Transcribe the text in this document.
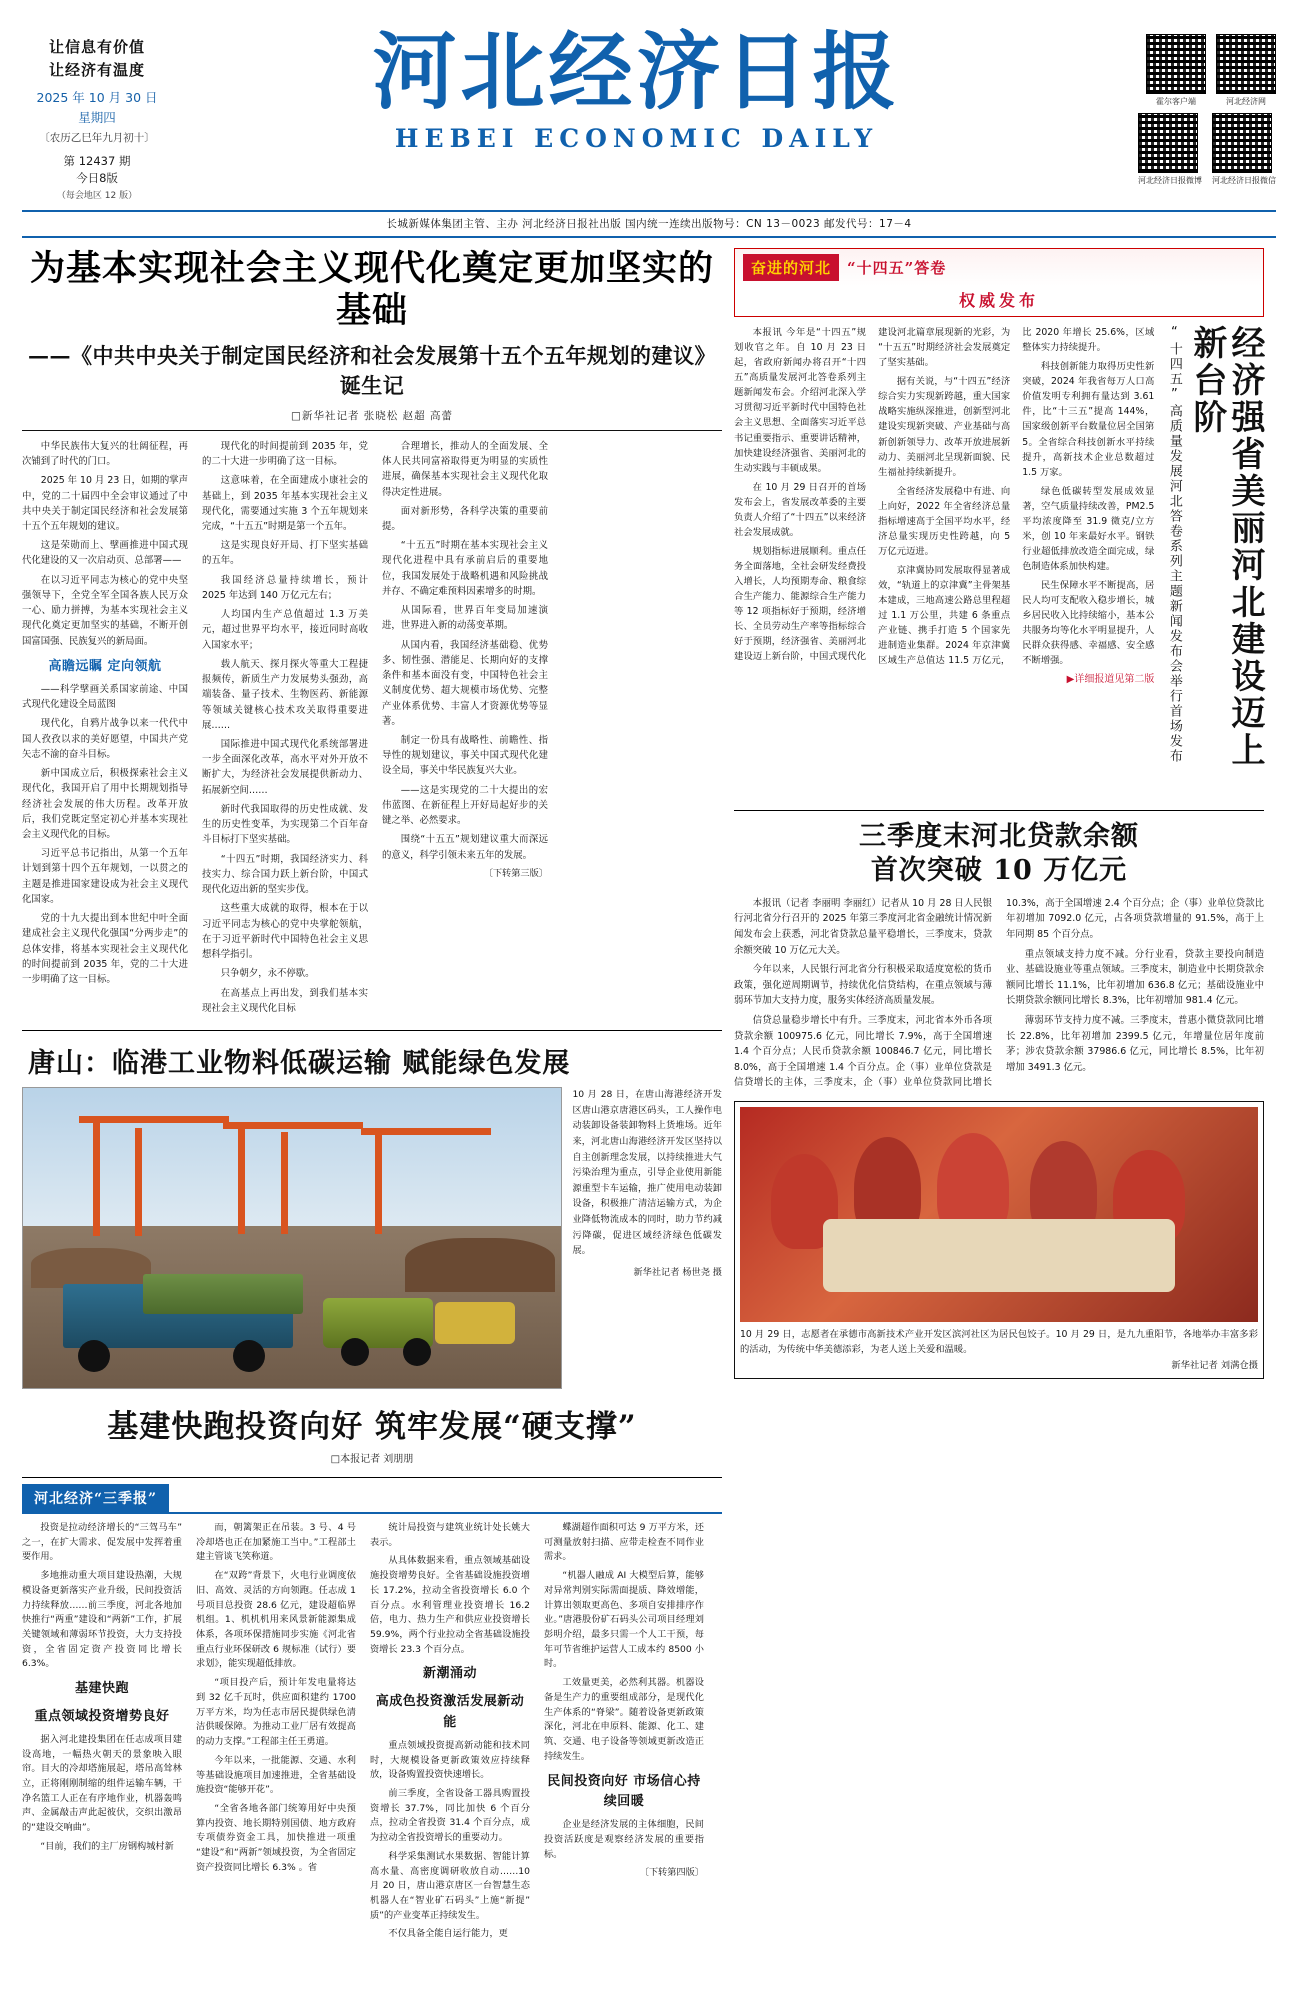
让信息有价值
让经济有温度
2025 年 10 月 30 日
星期四
〔农历乙巳年九月初十〕
第 12437 期
今日8版
（每会地区 12 版）
河北经济日报
HEBEI ECONOMIC DAILY
霍尔客户端	河北经济网
河北经济日报微博 河北经济日报微信
长城新媒体集团主管、主办 河北经济日报社出版 国内统一连续出版物号：CN 13－0023 邮发代号：17－4
为基本实现社会主义现代化奠定更加坚实的基础
——《中共中央关于制定国民经济和社会发展第十五个五年规划的建议》诞生记
□新华社记者 张晓松 赵超 高蕾

中华民族伟大复兴的壮阔征程，再次铺到了时代的门口。

2025 年 10 月 23 日，如期的掌声中，党的二十届四中全会审议通过了中共中央关于制定国民经济和社会发展第十五个五年规划的建议。

这是荣勋而上、擘画推进中国式现代化建设的又一次启动页、总部署——

在以习近平同志为核心的党中央坚强领导下，全党全军全国各族人民万众一心、励力拼搏，为基本实现社会主义现代化奠定更加坚实的基础，不断开创国富国强、民族复兴的新局面。

高瞻远瞩 定向领航

——科学擘画关系国家前途、中国式现代化建设全局蓝图

现代化，自鸦片战争以来一代代中国人孜孜以求的美好愿望，中国共产党矢志不渝的奋斗目标。

新中国成立后，积极探索社会主义现代化，我国开启了用中长期规划指导经济社会发展的伟大历程。改革开放后，我们党既定坚定初心并基本实现社会主义现代化的目标。

习近平总书记指出，从第一个五年计划到第十四个五年规划，一以贯之的主题是推进国家建设成为社会主义现代化国家。

党的十九大提出到本世纪中叶全面建成社会主义现代化强国“分两步走”的总体安排，将基本实现社会主义现代化的时间提前到 2035 年，党的二十大进一步明确了这一目标。

现代化的时间提前到 2035 年，党的二十大进一步明确了这一目标。

这意味着，在全面建成小康社会的基础上，到 2035 年基本实现社会主义现代化，需要通过实施 3 个五年规划来完成，“十五五”时期是第一个五年。

这是实现良好开局、打下坚实基础的五年。

我国经济总量持续增长，预计 2025 年达到 140 万亿元左右；

人均国内生产总值超过 1.3 万美元，超过世界平均水平，接近同时高收入国家水平；

载人航天、探月探火等重大工程捷报频传，新质生产力发展势头强劲，高端装备、量子技术、生物医药、新能源等领域关键核心技术攻关取得重要进展……

国际推进中国式现代化系统部署进一步全面深化改革，高水平对外开放不断扩大，为经济社会发展提供新动力、拓展新空间……

新时代我国取得的历史性成就、发生的历史性变革，为实现第二个百年奋斗目标打下坚实基础。

“十四五”时期，我国经济实力、科技实力、综合国力跃上新台阶，中国式现代化迈出新的坚实步伐。

这些重大成就的取得，根本在于以习近平同志为核心的党中央掌舵领航，在于习近平新时代中国特色社会主义思想科学指引。

只争朝夕，永不停歇。

在高基点上再出发，到我们基本实现社会主义现代化目标

合理增长，推动人的全面发展、全体人民共同富裕取得更为明显的实质性进展，确保基本实现社会主义现代化取得决定性进展。

面对新形势，各科学决策的重要前提。

“十五五”时期在基本实现社会主义现代化进程中具有承前启后的重要地位，我国发展处于战略机遇和风险挑战并存、不确定难预料因素增多的时期。

从国际看，世界百年变局加速演进，世界进入新的动荡变革期。

从国内看，我国经济基础稳、优势多、韧性强、潜能足、长期向好的支撑条件和基本面没有变，中国特色社会主义制度优势、超大规模市场优势、完整产业体系优势、丰富人才资源优势等显著。

制定一份具有战略性、前瞻性、指导性的规划建议，事关中国式现代化建设全局，事关中华民族复兴大业。

——这是实现党的二十大提出的宏伟蓝图、在新征程上开好局起好步的关键之举、必然要求。

围绕“十五五”规划建议重大而深远的意义，科学引领未来五年的发展。

〔下转第三版〕
唐山：临港工业物料低碳运输 赋能绿色发展
10 月 28 日，在唐山海港经济开发区唐山港京唐港区码头，工人操作电动装卸设备装卸物料上货堆场。近年来，河北唐山海港经济开发区坚持以自主创新理念发展，以持续推进大气污染治理为重点，引导企业使用新能源重型卡车运输，推广使用电动装卸设备，积极推广清洁运输方式，为企业降低物流成本的同时，助力节约减污降碳，促进区域经济绿色低碳发展。
新华社记者 杨世尧 摄
基建快跑投资向好 筑牢发展“硬支撑”
□本报记者 刘朋朋
河北经济“三季报”

投资是拉动经济增长的“三驾马车”之一，在扩大需求、促发展中发挥着重要作用。

多地推动重大项目建设热潮，大规模设备更新落实产业升级，民间投资活力持续释放……前三季度，河北各地加快推行“两重”建设和“两新”工作，扩展关键领域和薄弱环节投资，大力支持投资，全省固定资产投资同比增长 6.3%。

基建快跑
重点领域投资增势良好

据入河北建投集团在任志成项目建设高地，一幅热火朝天的景象映入眼帘。目大的冷却塔施展起，塔吊高耸林立，正将刚刚制缩的组件运输车辆，干净名篮工人正在有序地作业，机器轰鸣声、金属敲击声此起彼伏，交织出激昂的“建设交响曲”。

“目前，我们的主厂房钢构城村新

而，朝篱架正在吊装。3 号、4 号冷却塔也正在加紧施工当中。”工程部土建主管谈飞笑称道。

在“双跨”背景下，火电行业调度依旧、高效、灵活的方向领跑。任志成 1 号项目总投资 28.6 亿元，建设超临界机组。1、机机机用来风景新能源集成体系，各项环保措施同步实施《河北省重点行业环保研改 6 规标准（试行）要求划》，能实现超低排放。

“项目投产后，预计年发电量将达到 32 亿千瓦时，供应面积建约 1700 万平方米，均为任志市居民提供绿色清洁供暖保障。为推动工业厂居有效提高的动力支撑。”工程部主任王勇道。

今年以来，一批能源、交通、水利等基础设施项目加速推进，全省基础设施投资“能够开花”。

“全省各地各部门统筹用好中央预算内投资、地长期特别国债、地方政府专项债券资金工具，加快推进一项重“建设”和“两新”领域投资，为全省固定资产投资同比增长 6.3% 。省

统计局投资与建筑业统计处长姚大表示。

从具体数据来看，重点领域基础设施投资增势良好。全省基础设施投资增长 17.2%，拉动全省投资增长 6.0 个百分点。水利管理业投资增长 16.2 倍，电力、热力生产和供应业投资增长 59.9%，两个行业拉动全省基础设施投资增长 23.3 个百分点。

新潮涌动
高成色投资激活发展新动能

重点领域投资提高新动能和技术同时，大规模设备更新政策效应持续释放，设备购置投资快速增长。

前三季度，全省设备工器具购置投资增长 37.7%，同比加快 6 个百分点，拉动全省投资 31.4 个百分点，成为拉动全省投资增长的重要动力。

科学采集测试水果数据、智能计算高水量、高密度调研收放自动……10 月 20 日，唐山港京唐区一台智慧生态机器人在“智业矿石码头”上施“新提”质”的产业变革正持续发生。

不仅具备全能自运行能力，更

蝶湖超作面积可达 9 万平方米，还可测量放射扫描、应带走检查不同作业需求。

“机器人融成 AI 大模型后算，能够对异常判别实际需面提质、降效增能，计算出领取更高色、多项自安排排序作业。”唐港股份矿石码头公司项目经理刘彭明介绍，最多只需一个人工干预，每年可节省维护运营人工成本约 8500 小时。

工效量更美，必然利其器。机器设备是生产力的重要组成部分，是现代化生产体系的“脊梁”。随着设备更新政策深化，河北在申原料、能源、化工、建筑、交通、电子设备等领域更新改造正持续发生。

民间投资向好 市场信心持续回暖

企业是经济发展的主体细胞，民间投资活跃度是观察经济发展的重要指标。

〔下转第四版〕
奋进的河北	“十四五”答卷
权威发布

本报讯 今年是“十四五”规划收官之年。自 10 月 23 日起，省政府新闻办将召开“十四五”高质量发展河北答卷系列主题新闻发布会。介绍河北深入学习贯彻习近平新时代中国特色社会主义思想、全面落实习近平总书记重要指示、重要讲话精神，加快建设经济强省、美丽河北的生动实践与丰硕成果。

在 10 月 29 日召开的首场发布会上，省发展改革委的主要负责人介绍了“十四五”以来经济社会发展成就。

规划指标进展顺利。重点任务全面落地，全社会研发经费投入增长，人均预期寿命、粮食综合生产能力、能源综合生产能力等 12 项指标好于预期，经济增长、全员劳动生产率等指标综合好于预期，经济强省、美丽河北建设迈上新台阶，中国式现代化建设河北篇章展现新的光彩，为“十五五”时期经济社会发展奠定了坚实基础。

据有关说，与“十四五”经济综合实力实现新跨越，重大国家战略实施纵深推进，创新型河北建设实现新突破、产业基础与高新创新领导力、改革开放进展新动力、美丽河北呈现新面貌、民生福祉持续新提升。

全省经济发展稳中有进、向上向好，2022 年全省经济总量指标增速高于全国平均水平，经济总量实现历史性跨越，向 5 万亿元迈进。

京津冀协同发展取得显著成效，“轨道上的京津冀”主骨架基本建成，三地高速公路总里程超过 1.1 万公里，共建 6 条重点产业链、携手打造 5 个国家先进制造业集群。2024 年京津冀区域生产总值达 11.5 万亿元，比 2020 年增长 25.6%，区域整体实力持续提升。

科技创新能力取得历史性新突破，2024 年我省每万人口高价值发明专利拥有量达到 3.61 件，比“十三五”提高 144%，国家级创新平台数量位居全国第 5。全省综合科技创新水平持续提升，高新技术企业总数超过 1.5 万家。

绿色低碳转型发展成效显著，空气质量持续改善，PM2.5 平均浓度降至 31.9 微克/立方米，创 10 年来最好水平。钢铁行业超低排放改造全面完成，绿色制造体系加快构建。

民生保障水平不断提高，居民人均可支配收入稳步增长，城乡居民收入比持续缩小，基本公共服务均等化水平明显提升，人民群众获得感、幸福感、安全感不断增强。

▶详细报道见第二版 “十四五”高质量发展河北答卷系列主题新闻发布会举行首场发布	经济强省美丽河北建设迈上新台阶
三季度末河北贷款余额
首次突破 10 万亿元

本报讯（记者 李丽明 李丽红）记者从 10 月 28 日人民银行河北省分行召开的 2025 年第三季度河北省金融统计情况新闻发布会上获悉，河北省贷款总量平稳增长，三季度末，贷款余额突破 10 万亿元大关。

今年以来，人民银行河北省分行积极采取适度宽松的货币政策，强化逆周期调节，持续优化信贷结构，在重点领域与薄弱环节加大支持力度，服务实体经济高质量发展。

信贷总量稳步增长中有升。三季度末，河北省本外币各项贷款余额 100975.6 亿元，同比增长 7.9%，高于全国增速 1.4 个百分点；人民币贷款余额 100846.7 亿元，同比增长 8.0%，高于全国增速 1.4 个百分点。企（事）业单位贷款是信贷增长的主体，三季度末，企（事）业单位贷款同比增长 10.3%，高于全国增速 2.4 个百分点；企（事）业单位贷款比年初增加 7092.0 亿元，占各项贷款增量的 91.5%，高于上年同期 85 个百分点。

重点领域支持力度不减。分行业看，贷款主要投向制造业、基础设施业等重点领域。三季度末，制造业中长期贷款余额同比增长 11.1%，比年初增加 636.8 亿元；基础设施业中长期贷款余额同比增长 8.3%，比年初增加 981.4 亿元。

薄弱环节支持力度不减。三季度末，普惠小微贷款同比增长 22.8%，比年初增加 2399.5 亿元，年增量位居年度前茅；涉农贷款余额 37986.6 亿元，同比增长 8.5%，比年初增加 3491.3 亿元。

10 月 29 日，志愿者在承德市高新技术产业开发区滨河社区为居民包饺子。10 月 29 日，是九九重阳节，各地举办丰富多彩的活动，为传统中华美德添彩，为老人送上关爱和温暖。
新华社记者 刘满仓摄
